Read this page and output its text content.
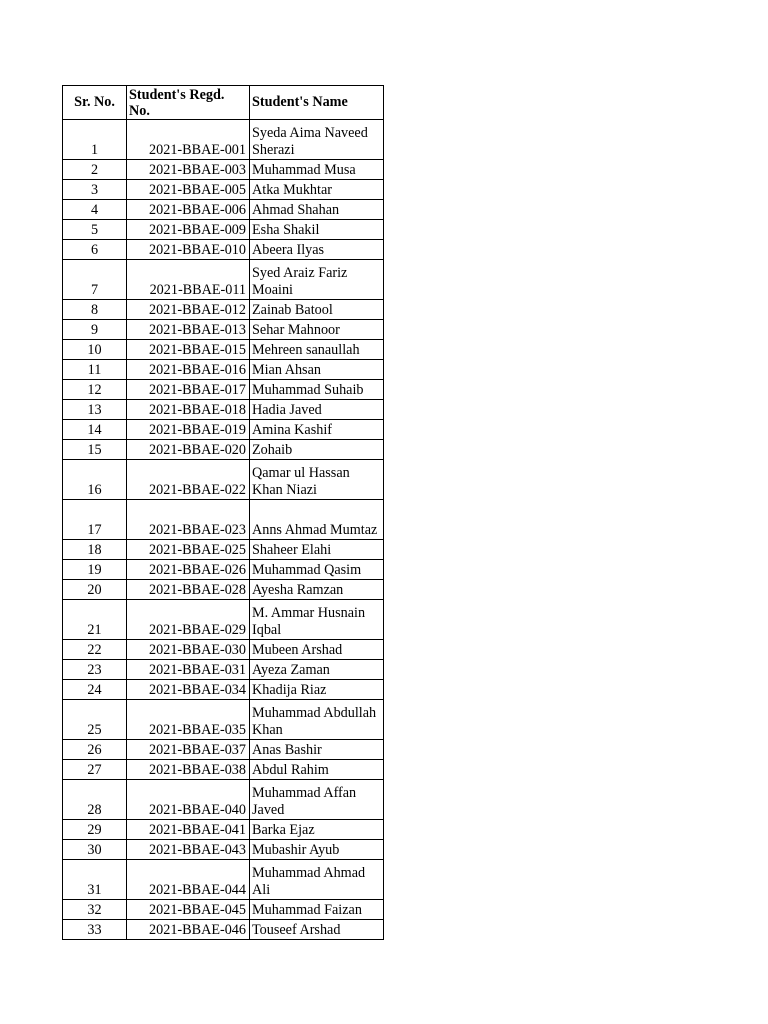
Sr. No.	Student's Regd. No.	Student's Name
1	2021-BBAE-001	Syeda Aima Naveed Sherazi
2	2021-BBAE-003	Muhammad Musa
3	2021-BBAE-005	Atka Mukhtar
4	2021-BBAE-006	Ahmad Shahan
5	2021-BBAE-009	Esha Shakil
6	2021-BBAE-010	Abeera Ilyas
7	2021-BBAE-011	Syed Araiz Fariz Moaini
8	2021-BBAE-012	Zainab Batool
9	2021-BBAE-013	Sehar Mahnoor
10	2021-BBAE-015	Mehreen sanaullah
11	2021-BBAE-016	Mian Ahsan
12	2021-BBAE-017	Muhammad Suhaib
13	2021-BBAE-018	Hadia Javed
14	2021-BBAE-019	Amina Kashif
15	2021-BBAE-020	Zohaib
16	2021-BBAE-022	Qamar ul Hassan Khan Niazi
17	2021-BBAE-023	Anns Ahmad Mumtaz
18	2021-BBAE-025	Shaheer Elahi
19	2021-BBAE-026	Muhammad Qasim
20	2021-BBAE-028	Ayesha Ramzan
21	2021-BBAE-029	M. Ammar Husnain Iqbal
22	2021-BBAE-030	Mubeen Arshad
23	2021-BBAE-031	Ayeza Zaman
24	2021-BBAE-034	Khadija Riaz
25	2021-BBAE-035	Muhammad Abdullah Khan
26	2021-BBAE-037	Anas Bashir
27	2021-BBAE-038	Abdul Rahim
28	2021-BBAE-040	Muhammad Affan Javed
29	2021-BBAE-041	Barka Ejaz
30	2021-BBAE-043	Mubashir Ayub
31	2021-BBAE-044	Muhammad Ahmad Ali
32	2021-BBAE-045	Muhammad Faizan
33	2021-BBAE-046	Touseef Arshad
